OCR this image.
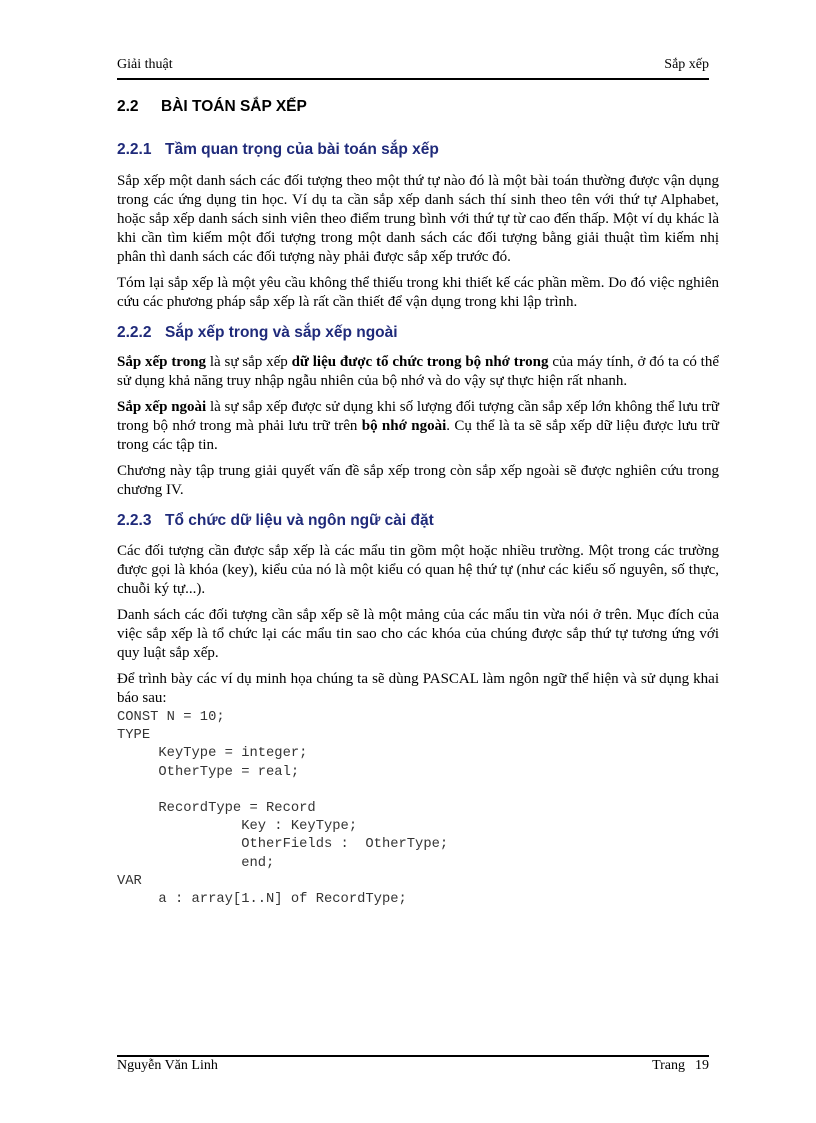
Giải thuật	Sắp xếp
2.2 BÀI TOÁN SẮP XẾP
2.2.1 Tầm quan trọng của bài toán sắp xếp

Sắp xếp một danh sách các đối tượng theo một thứ tự nào đó là một bài toán thường được vận dụng trong các ứng dụng tin học. Ví dụ ta cần sắp xếp danh sách thí sinh theo tên với thứ tự Alphabet, hoặc sắp xếp danh sách sinh viên theo điểm trung bình với thứ tự từ cao đến thấp. Một ví dụ khác là khi cần tìm kiếm một đối tượng trong một danh sách các đối tượng bằng giải thuật tìm kiếm nhị phân thì danh sách các đối tượng này phải được sắp xếp trước đó.

Tóm lại sắp xếp là một yêu cầu không thể thiếu trong khi thiết kế các phần mềm. Do đó việc nghiên cứu các phương pháp sắp xếp là rất cần thiết để vận dụng trong khi lập trình.

2.2.2 Sắp xếp trong và sắp xếp ngoài

Sắp xếp trong là sự sắp xếp dữ liệu được tổ chức trong bộ nhớ trong của máy tính, ở đó ta có thể sử dụng khả năng truy nhập ngẫu nhiên của bộ nhớ và do vậy sự thực hiện rất nhanh.

Sắp xếp ngoài là sự sắp xếp được sử dụng khi số lượng đối tượng cần sắp xếp lớn không thể lưu trữ trong bộ nhớ trong mà phải lưu trữ trên bộ nhớ ngoài. Cụ thể là ta sẽ sắp xếp dữ liệu được lưu trữ trong các tập tin.

Chương này tập trung giải quyết vấn đề sắp xếp trong còn sắp xếp ngoài sẽ được nghiên cứu trong chương IV.

2.2.3 Tổ chức dữ liệu và ngôn ngữ cài đặt

Các đối tượng cần được sắp xếp là các mẩu tin gồm một hoặc nhiều trường. Một trong các trường được gọi là khóa (key), kiểu của nó là một kiểu có quan hệ thứ tự (như các kiểu số nguyên, số thực, chuỗi ký tự...).

Danh sách các đối tượng cần sắp xếp sẽ là một mảng của các mẩu tin vừa nói ở trên. Mục đích của việc sắp xếp là tổ chức lại các mẩu tin sao cho các khóa của chúng được sắp thứ tự tương ứng với quy luật sắp xếp.

Để trình bày các ví dụ minh họa chúng ta sẽ dùng PASCAL làm ngôn ngữ thể hiện và sử dụng khai báo sau:

CONST N = 10;
TYPE
KeyType = integer;
OtherType = real;

RecordType = Record
Key : KeyType;
OtherFields :  OtherType;
end;
VAR
a : array[1..N] of RecordType;
Nguyễn Văn Linh	Trang 19
